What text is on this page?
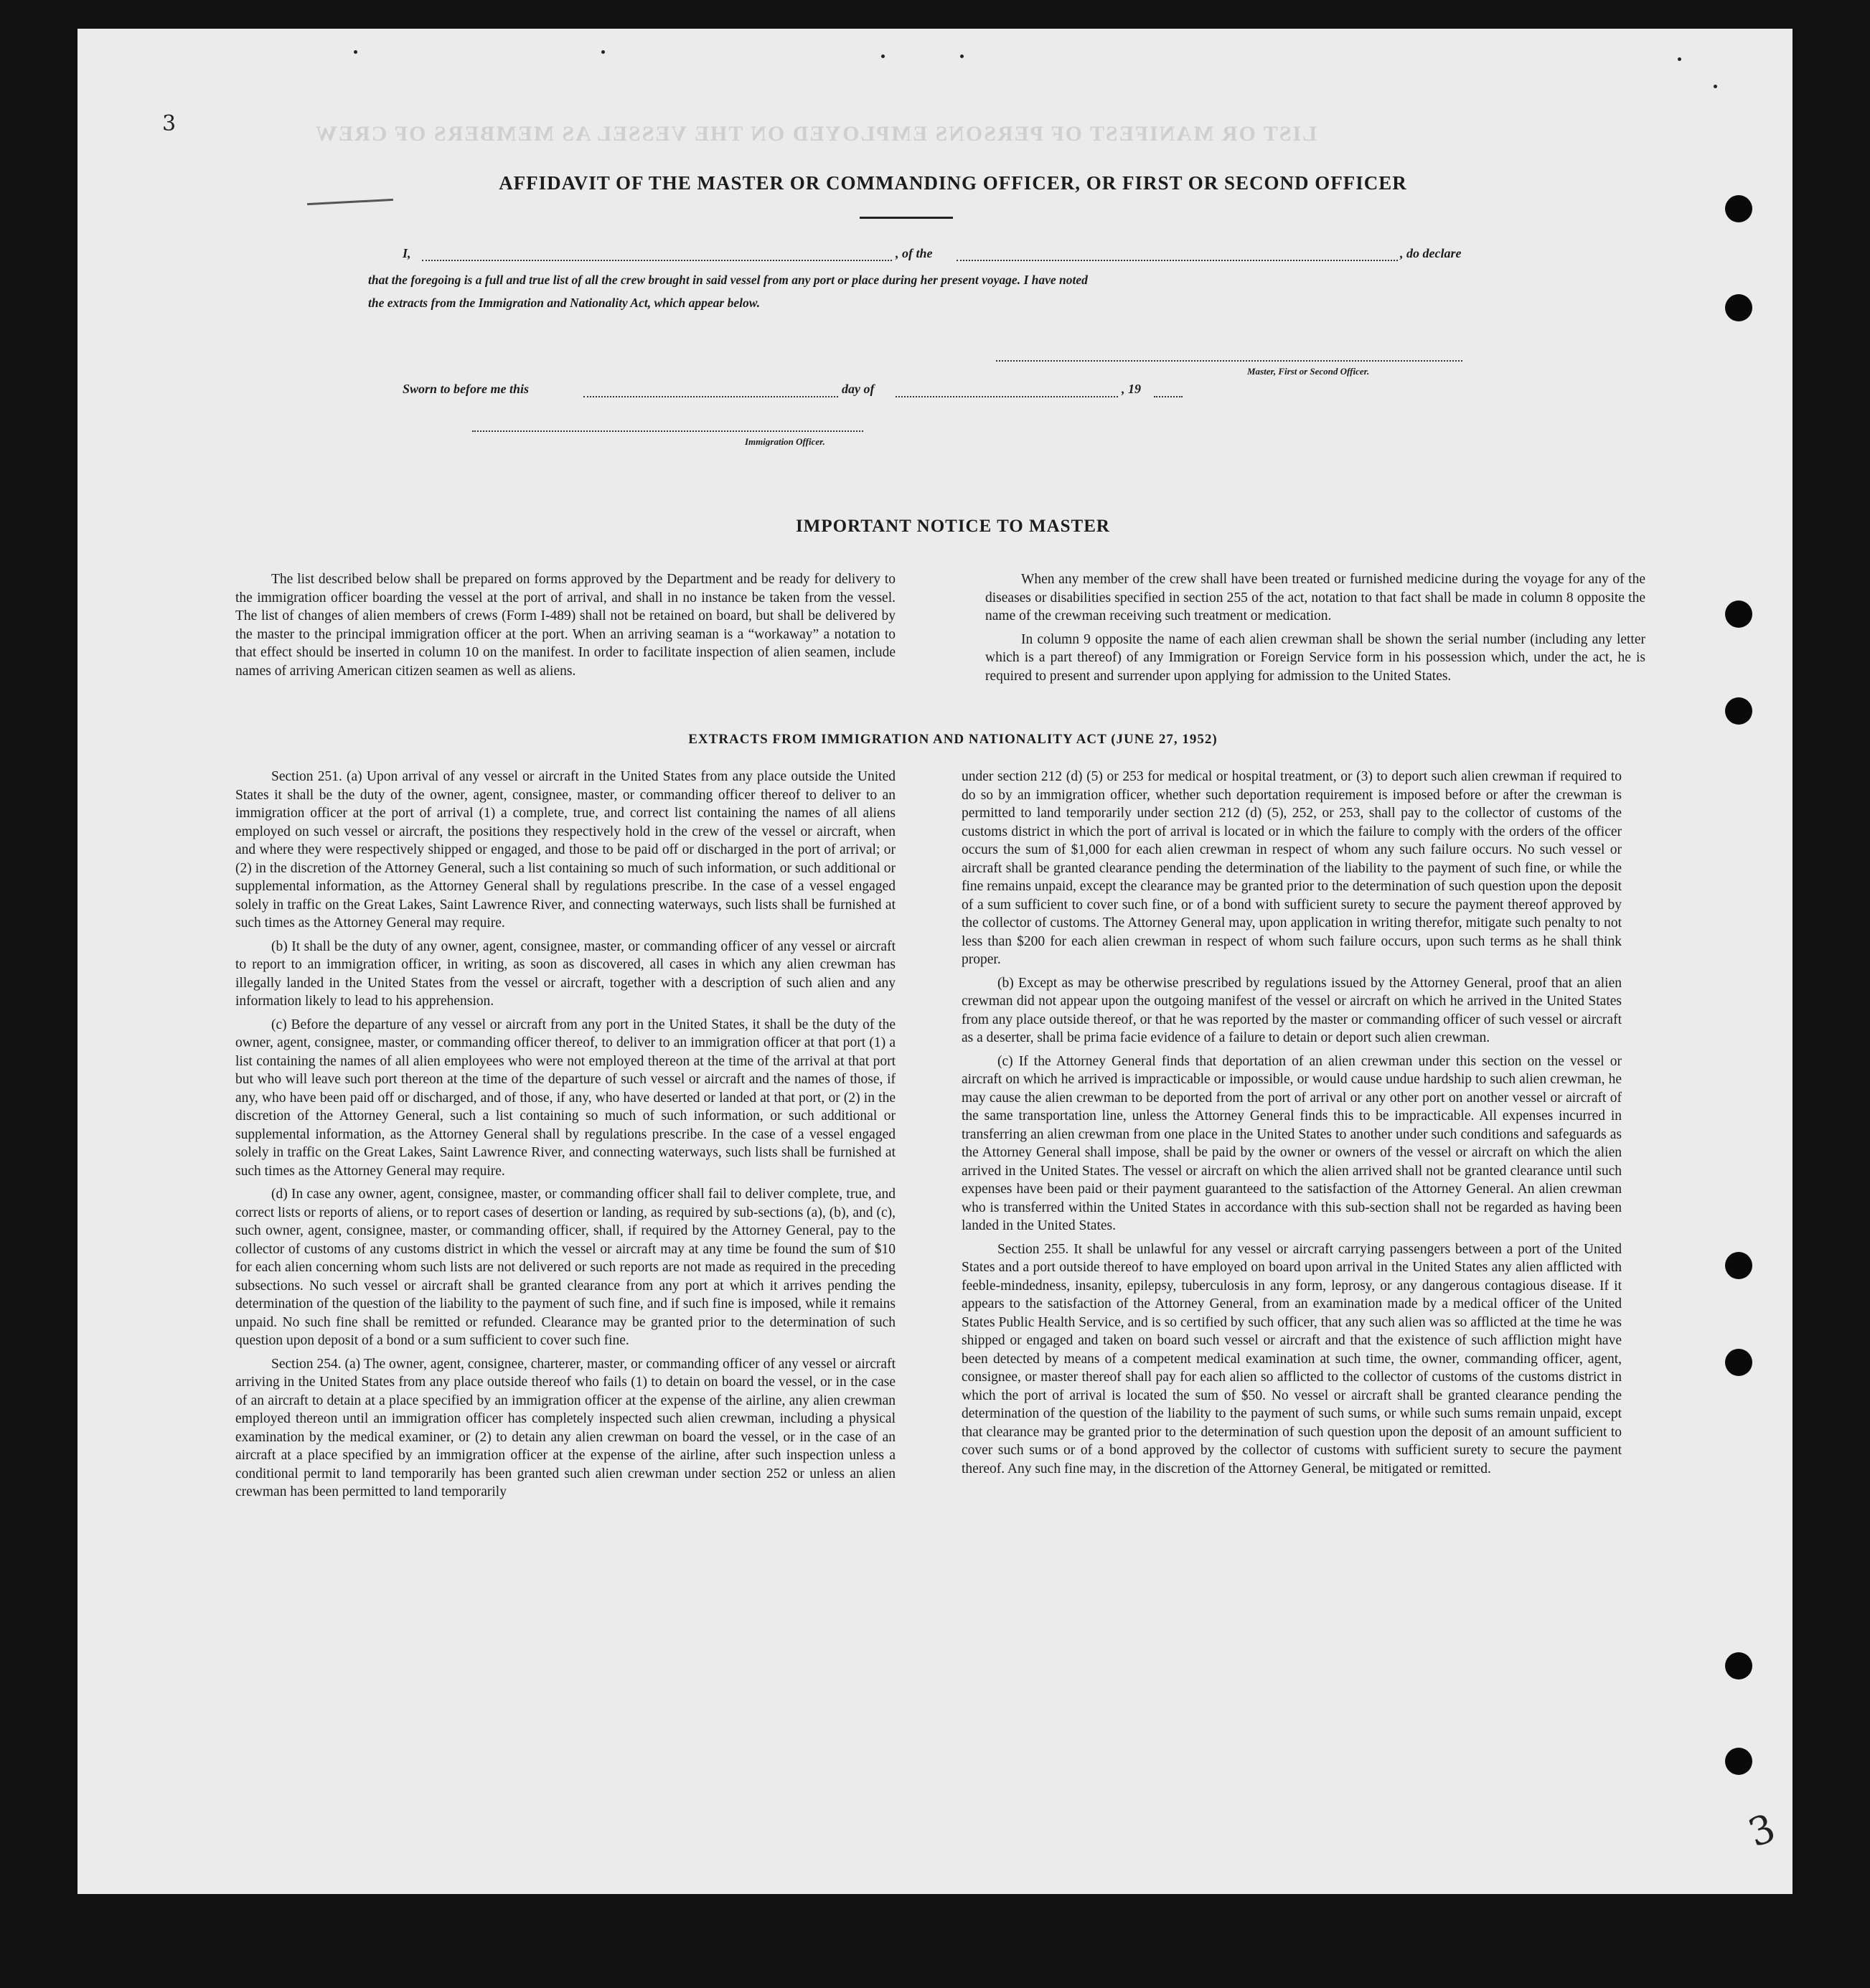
LIST OR MANIFEST OF PERSONS EMPLOYED ON THE VESSEL AS MEMBERS OF CREW
3
3
AFFIDAVIT OF THE MASTER OR COMMANDING OFFICER, OR FIRST OR SECOND OFFICER
I,	, of the	, do declare
that the foregoing is a full and true list of all the crew brought in said vessel from any port or place during her present voyage. I have noted
the extracts from the Immigration and Nationality Act, which appear below.
Master, First or Second Officer.
Sworn to before me this	day of	, 19
Immigration Officer.
IMPORTANT NOTICE TO MASTER

The list described below shall be prepared on forms approved by the Department and be ready for delivery to the immigration officer boarding the vessel at the port of arrival, and shall in no instance be taken from the vessel. The list of changes of alien members of crews (Form I-489) shall not be retained on board, but shall be delivered by the master to the principal immigration officer at the port. When an arriving seaman is a “workaway” a notation to that effect should be inserted in column 10 on the manifest. In order to facilitate inspection of alien seamen, include names of arriving American citizen seamen as well as aliens.

When any member of the crew shall have been treated or furnished medicine during the voyage for any of the diseases or disabilities specified in section 255 of the act, notation to that fact shall be made in column 8 opposite the name of the crewman receiving such treatment or medication.

In column 9 opposite the name of each alien crewman shall be shown the serial number (including any letter which is a part thereof) of any Immigration or Foreign Service form in his possession which, under the act, he is required to present and surrender upon applying for admission to the United States.

EXTRACTS FROM IMMIGRATION AND NATIONALITY ACT (JUNE 27, 1952)

Section 251. (a) Upon arrival of any vessel or aircraft in the United States from any place outside the United States it shall be the duty of the owner, agent, consignee, master, or commanding officer thereof to deliver to an immigration officer at the port of arrival (1) a complete, true, and correct list containing the names of all aliens employed on such vessel or aircraft, the positions they respectively hold in the crew of the vessel or aircraft, when and where they were respectively shipped or engaged, and those to be paid off or discharged in the port of arrival; or (2) in the discretion of the Attorney General, such a list containing so much of such information, or such additional or supplemental information, as the Attorney General shall by regulations prescribe. In the case of a vessel engaged solely in traffic on the Great Lakes, Saint Lawrence River, and connecting waterways, such lists shall be furnished at such times as the Attorney General may require.

(b) It shall be the duty of any owner, agent, consignee, master, or commanding officer of any vessel or aircraft to report to an immigration officer, in writing, as soon as discovered, all cases in which any alien crewman has illegally landed in the United States from the vessel or aircraft, together with a description of such alien and any information likely to lead to his apprehension.

(c) Before the departure of any vessel or aircraft from any port in the United States, it shall be the duty of the owner, agent, consignee, master, or commanding officer thereof, to deliver to an immigration officer at that port (1) a list containing the names of all alien employees who were not employed thereon at the time of the arrival at that port but who will leave such port thereon at the time of the departure of such vessel or aircraft and the names of those, if any, who have been paid off or discharged, and of those, if any, who have deserted or landed at that port, or (2) in the discretion of the Attorney General, such a list containing so much of such information, or such additional or supplemental information, as the Attorney General shall by regulations prescribe. In the case of a vessel engaged solely in traffic on the Great Lakes, Saint Lawrence River, and connecting waterways, such lists shall be furnished at such times as the Attorney General may require.

(d) In case any owner, agent, consignee, master, or commanding officer shall fail to deliver complete, true, and correct lists or reports of aliens, or to report cases of desertion or landing, as required by sub-sections (a), (b), and (c), such owner, agent, consignee, master, or commanding officer, shall, if required by the Attorney General, pay to the collector of customs of any customs district in which the vessel or aircraft may at any time be found the sum of $10 for each alien concerning whom such lists are not delivered or such reports are not made as required in the preceding subsections. No such vessel or aircraft shall be granted clearance from any port at which it arrives pending the determination of the question of the liability to the payment of such fine, and if such fine is imposed, while it remains unpaid. No such fine shall be remitted or refunded. Clearance may be granted prior to the determination of such question upon deposit of a bond or a sum sufficient to cover such fine.

Section 254. (a) The owner, agent, consignee, charterer, master, or commanding officer of any vessel or aircraft arriving in the United States from any place outside thereof who fails (1) to detain on board the vessel, or in the case of an aircraft to detain at a place specified by an immigration officer at the expense of the airline, any alien crewman employed thereon until an immigration officer has completely inspected such alien crewman, including a physical examination by the medical examiner, or (2) to detain any alien crewman on board the vessel, or in the case of an aircraft at a place specified by an immigration officer at the expense of the airline, after such inspection unless a conditional permit to land temporarily has been granted such alien crewman under section 252 or unless an alien crewman has been permitted to land temporarily

under section 212 (d) (5) or 253 for medical or hospital treatment, or (3) to deport such alien crewman if required to do so by an immigration officer, whether such deportation requirement is imposed before or after the crewman is permitted to land temporarily under section 212 (d) (5), 252, or 253, shall pay to the collector of customs of the customs district in which the port of arrival is located or in which the failure to comply with the orders of the officer occurs the sum of $1,000 for each alien crewman in respect of whom any such failure occurs. No such vessel or aircraft shall be granted clearance pending the determination of the liability to the payment of such fine, or while the fine remains unpaid, except the clearance may be granted prior to the determination of such question upon the deposit of a sum sufficient to cover such fine, or of a bond with sufficient surety to secure the payment thereof approved by the collector of customs. The Attorney General may, upon application in writing therefor, mitigate such penalty to not less than $200 for each alien crewman in respect of whom such failure occurs, upon such terms as he shall think proper.

(b) Except as may be otherwise prescribed by regulations issued by the Attorney General, proof that an alien crewman did not appear upon the outgoing manifest of the vessel or aircraft on which he arrived in the United States from any place outside thereof, or that he was reported by the master or commanding officer of such vessel or aircraft as a deserter, shall be prima facie evidence of a failure to detain or deport such alien crewman.

(c) If the Attorney General finds that deportation of an alien crewman under this section on the vessel or aircraft on which he arrived is impracticable or impossible, or would cause undue hardship to such alien crewman, he may cause the alien crewman to be deported from the port of arrival or any other port on another vessel or aircraft of the same transportation line, unless the Attorney General finds this to be impracticable. All expenses incurred in transferring an alien crewman from one place in the United States to another under such conditions and safeguards as the Attorney General shall impose, shall be paid by the owner or owners of the vessel or aircraft on which the alien arrived in the United States. The vessel or aircraft on which the alien arrived shall not be granted clearance until such expenses have been paid or their payment guaranteed to the satisfaction of the Attorney General. An alien crewman who is transferred within the United States in accordance with this sub-section shall not be regarded as having been landed in the United States.

Section 255. It shall be unlawful for any vessel or aircraft carrying passengers between a port of the United States and a port outside thereof to have employed on board upon arrival in the United States any alien afflicted with feeble-mindedness, insanity, epilepsy, tuberculosis in any form, leprosy, or any dangerous contagious disease. If it appears to the satisfaction of the Attorney General, from an examination made by a medical officer of the United States Public Health Service, and is so certified by such officer, that any such alien was so afflicted at the time he was shipped or engaged and taken on board such vessel or aircraft and that the existence of such affliction might have been detected by means of a competent medical examination at such time, the owner, commanding officer, agent, consignee, or master thereof shall pay for each alien so afflicted to the collector of customs of the customs district in which the port of arrival is located the sum of $50. No vessel or aircraft shall be granted clearance pending the determination of the question of the liability to the payment of such sums, or while such sums remain unpaid, except that clearance may be granted prior to the determination of such question upon the deposit of an amount sufficient to cover such sums or of a bond approved by the collector of customs with sufficient surety to secure the payment thereof. Any such fine may, in the discretion of the Attorney General, be mitigated or remitted.
